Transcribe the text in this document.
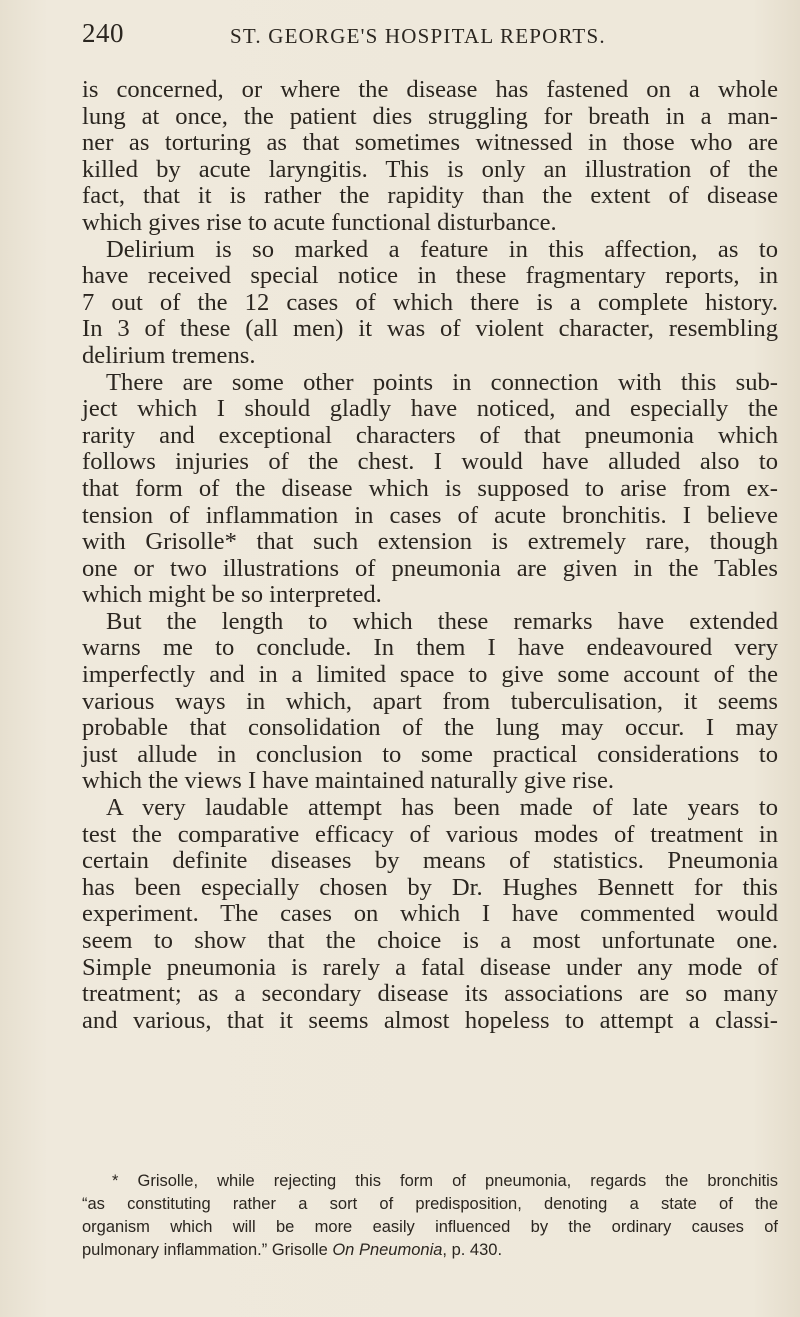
240	ST. GEORGE'S HOSPITAL REPORTS.
is concerned, or where the disease has fastened on a whole
lung at once, the patient dies struggling for breath in a man-
ner as torturing as that sometimes witnessed in those who are
killed by acute laryngitis. This is only an illustration of the
fact, that it is rather the rapidity than the extent of disease
which gives rise to acute functional disturbance.
Delirium is so marked a feature in this affection, as to
have received special notice in these fragmentary reports, in
7 out of the 12 cases of which there is a complete history.
In 3 of these (all men) it was of violent character, resembling
delirium tremens.
There are some other points in connection with this sub-
ject which I should gladly have noticed, and especially the
rarity and exceptional characters of that pneumonia which
follows injuries of the chest. I would have alluded also to
that form of the disease which is supposed to arise from ex-
tension of inflammation in cases of acute bronchitis. I believe
with Grisolle* that such extension is extremely rare, though
one or two illustrations of pneumonia are given in the Tables
which might be so interpreted.
But the length to which these remarks have extended
warns me to conclude. In them I have endeavoured very
imperfectly and in a limited space to give some account of the
various ways in which, apart from tuberculisation, it seems
probable that consolidation of the lung may occur. I may
just allude in conclusion to some practical considerations to
which the views I have maintained naturally give rise.
A very laudable attempt has been made of late years to
test the comparative efficacy of various modes of treatment in
certain definite diseases by means of statistics. Pneumonia
has been especially chosen by Dr. Hughes Bennett for this
experiment. The cases on which I have commented would
seem to show that the choice is a most unfortunate one.
Simple pneumonia is rarely a fatal disease under any mode of
treatment; as a secondary disease its associations are so many
and various, that it seems almost hopeless to attempt a classi-
* Grisolle, while rejecting this form of pneumonia, regards the bronchitis
“as constituting rather a sort of predisposition, denoting a state of the
organism which will be more easily influenced by the ordinary causes of
pulmonary inflammation.” Grisolle On Pneumonia, p. 430.
